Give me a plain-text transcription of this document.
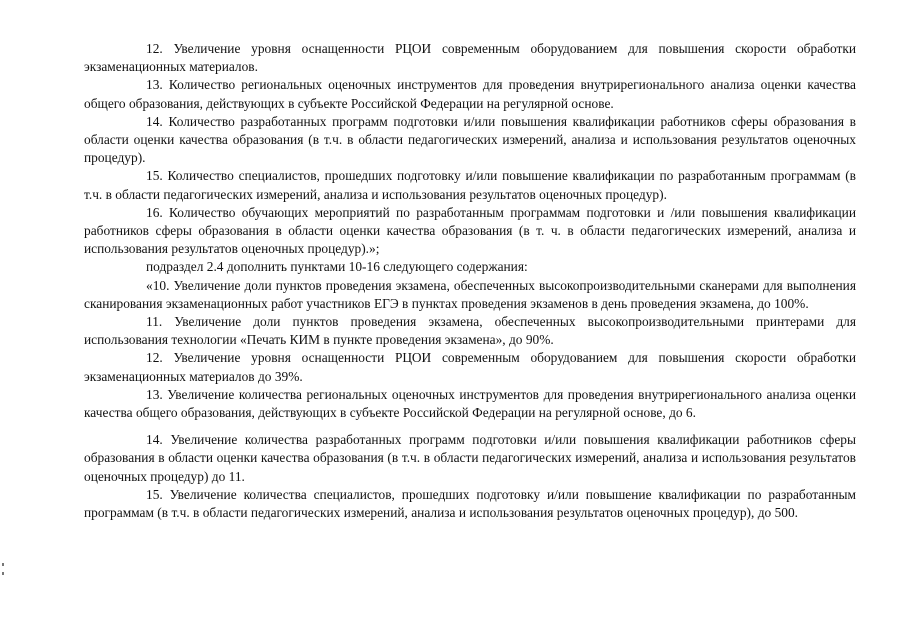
12. Увеличение уровня оснащенности РЦОИ современным оборудованием для повышения скорости обработки экзаменационных материалов.

13. Количество региональных оценочных инструментов для проведения внутрирегионального анализа оценки качества общего образования, действующих в субъекте Российской Федерации на регулярной основе.

14. Количество разработанных программ подготовки и/или повышения квалификации работников сферы образования в области оценки качества образования (в т.ч. в области педагогических измерений, анализа и использования результатов оценочных процедур).

15. Количество специалистов, прошедших подготовку и/или повышение квалификации по разработанным программам (в т.ч. в области педагогических измерений, анализа и использования результатов оценочных процедур).

16. Количество обучающих мероприятий по разработанным программам подготовки и /или повышения квалификации работников сферы образования в области оценки качества образования (в т. ч. в области педагогических измерений, анализа и использования результатов оценочных процедур).»;

подраздел 2.4 дополнить пунктами 10-16 следующего содержания:

«10. Увеличение доли пунктов проведения экзамена, обеспеченных высокопроизводительными сканерами для выполнения сканирования экзаменационных работ участников ЕГЭ в пунктах проведения экзаменов в день проведения экзамена, до 100%.

11. Увеличение доли пунктов проведения экзамена, обеспеченных высокопроизводительными принтерами для использования технологии «Печать КИМ в пункте проведения экзамена», до 90%.

12. Увеличение уровня оснащенности РЦОИ современным оборудованием для повышения скорости обработки экзаменационных материалов до 39%.

13. Увеличение количества региональных оценочных инструментов для проведения внутрирегионального анализа оценки качества общего образования, действующих в субъекте Российской Федерации на регулярной основе, до 6.

14. Увеличение количества разработанных программ подготовки и/или повышения квалификации работников сферы образования в области оценки качества образования (в т.ч. в области педагогических измерений, анализа и использования результатов оценочных процедур) до 11.

15. Увеличение количества специалистов, прошедших подготовку и/или повышение квалификации по разработанным программам (в т.ч. в области педагогических измерений, анализа и использования результатов оценочных процедур), до 500.
